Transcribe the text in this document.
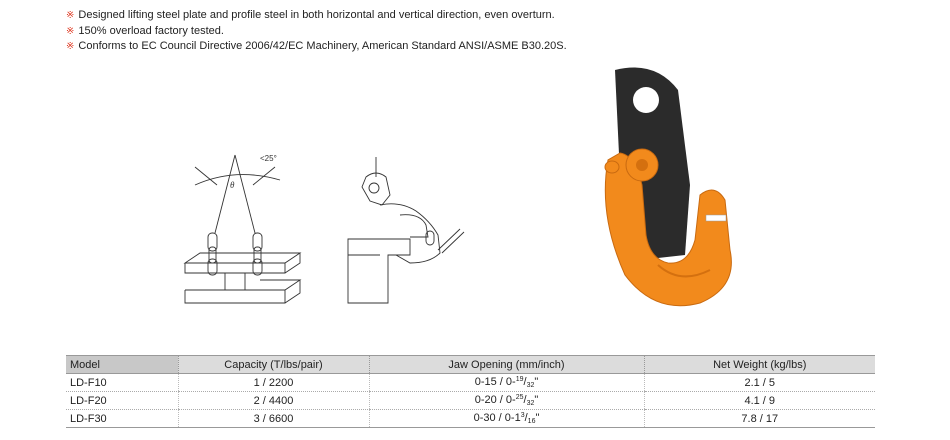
※ Designed lifting steel plate and profile steel in both horizontal and vertical direction, even overturn.
※ 150% overload factory tested.
※ Conforms to EC Council Directive 2006/42/EC Machinery, American Standard ANSI/ASME B30.20S.
<25°
θ
Model	Capacity (T/lbs/pair)	Jaw Opening (mm/inch)	Net Weight (kg/lbs)
LD-F10	1 / 2200	$0-15 / 0-^{19}/_{32}$"	2.1 / 5
LD-F20	2 / 4400	$0-20 / 0-^{25}/_{32}$"	4.1 / 9
LD-F30	3 / 6600	$0-30 / 0-1^3/_{16}$"	7.8 / 17
